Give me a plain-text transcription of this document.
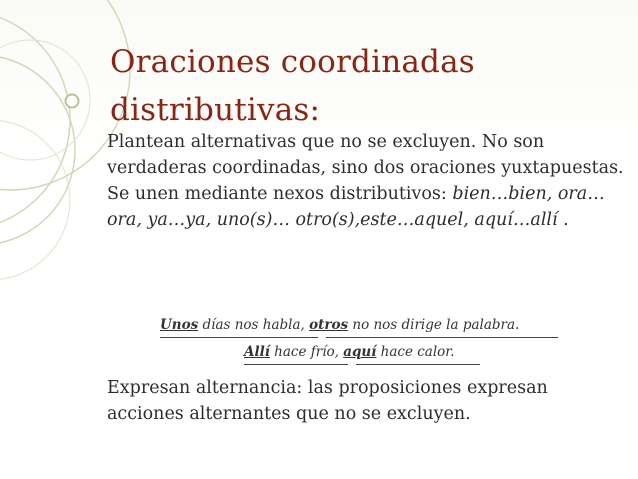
Oraciones coordinadas distributivas:

Plantean alternativas que no se excluyen. No son verdaderas coordinadas, sino dos oraciones yuxtapuestas.

Se unen mediante nexos distributivos: bien…bien, ora…ora, ya…ya, uno(s)… otro(s),este…aquel, aquí…allí .

Unos días nos habla, otros no nos dirige la palabra.
Allí hace frío, aquí hace calor.

Expresan alternancia: las proposiciones expresan acciones alternantes que no se excluyen.
